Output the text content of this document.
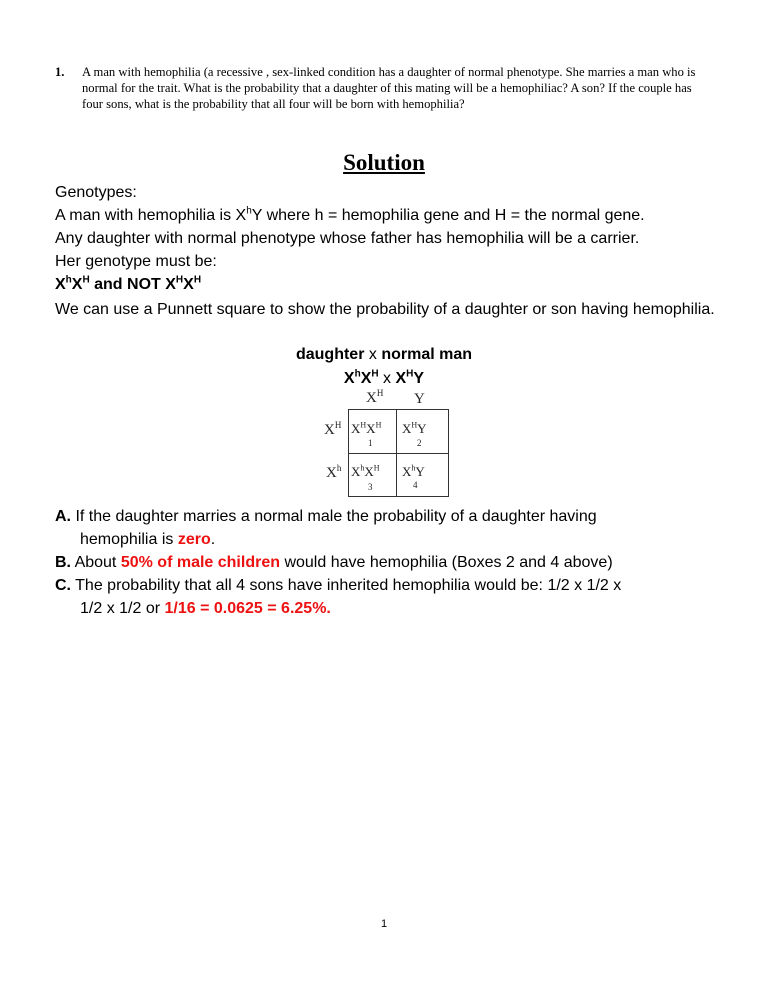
1. A man with hemophilia (a recessive , sex-linked condition has a daughter of normal phenotype. She marries a man who is normal for the trait. What is the probability that a daughter of this mating will be a hemophiliac? A son? If the couple has four sons, what is the probability that all four will be born with hemophilia?
Solution
Genotypes:
A man with hemophilia is $X^hY$ where h = hemophilia gene and H = the normal gene.
Any daughter with normal phenotype whose father has hemophilia will be a carrier.
Her genotype must be:
$X^hX^H$ and NOT $X^HX^H$
We can use a Punnett square to show the probability of a daughter or son having hemophilia.
daughter x normal man
$X^hX^H$ x $X^HY$
$X^H$ Y
$X^H$
$X^h$
$X^HX^H$
1
$X^HY$
2
$X^hX^H$
3
$X^hY$
4
A. If the daughter marries a normal male the probability of a daughter having
hemophilia is zero.
B. About 50% of male children would have hemophilia (Boxes 2 and 4 above)
C. The probability that all 4 sons have inherited hemophilia would be: 1/2 x 1/2 x
1/2 x 1/2 or 1/16 = 0.0625 = 6.25%.
1
